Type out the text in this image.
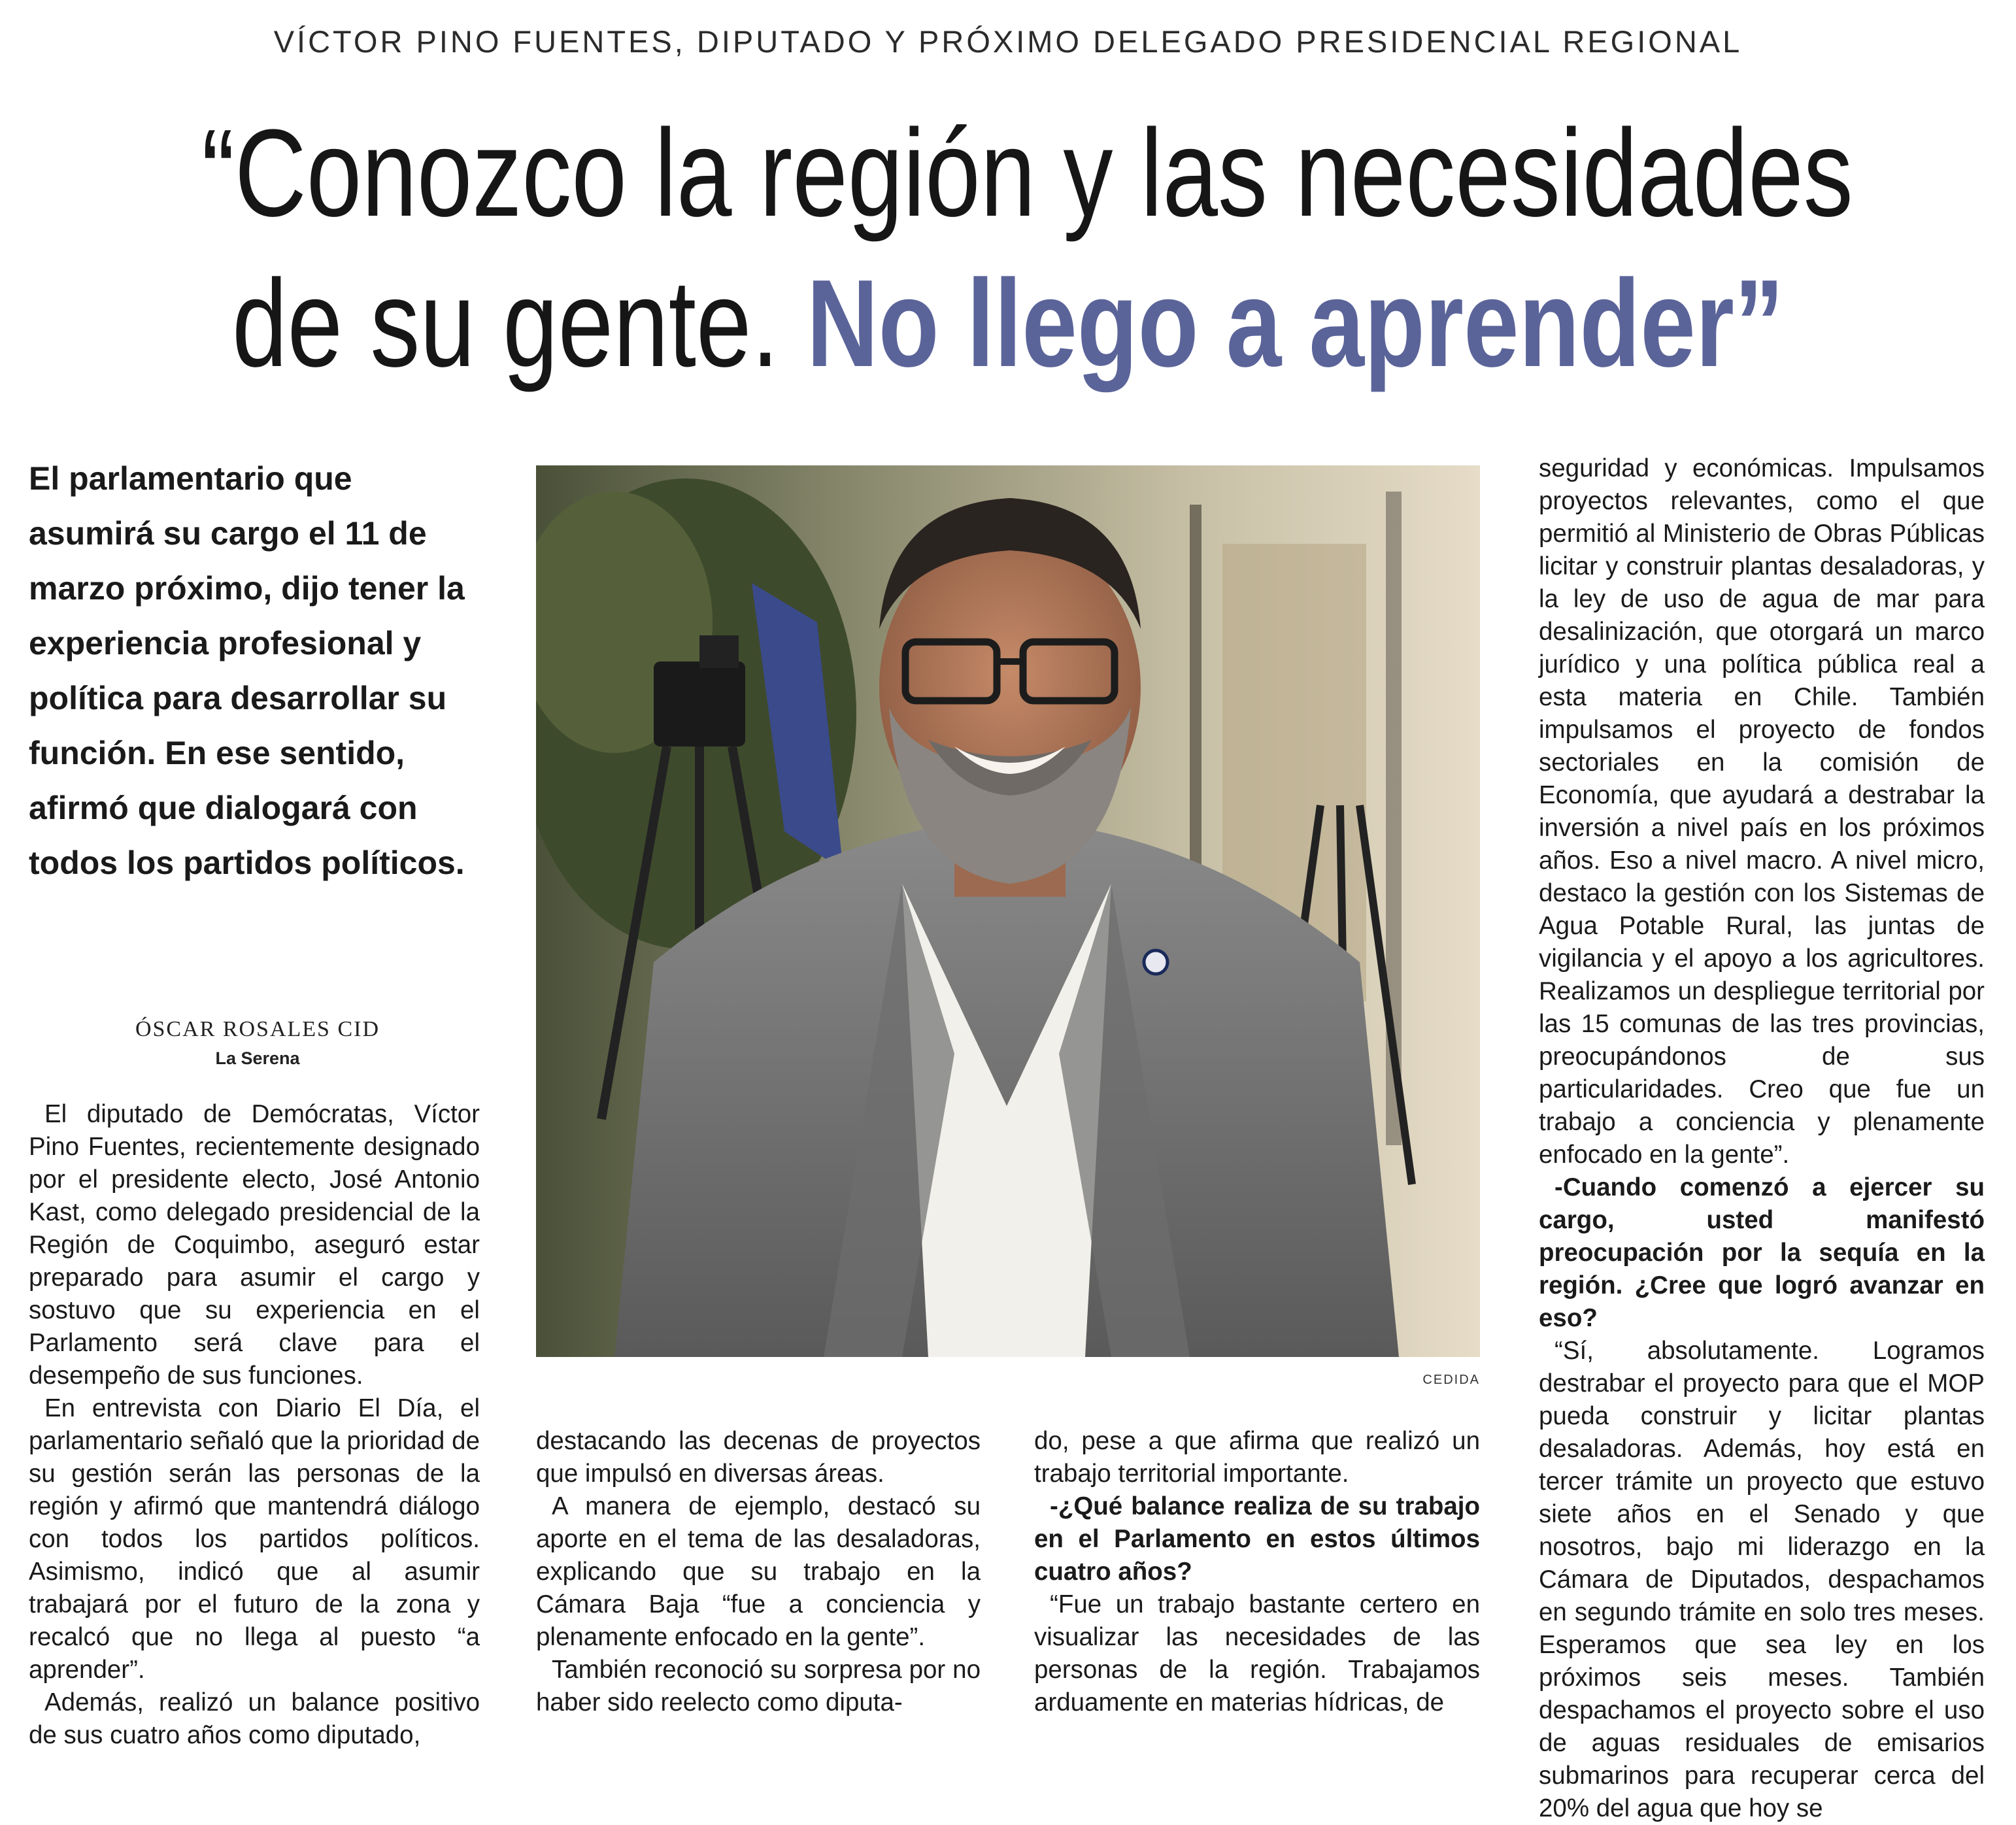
VÍCTOR PINO FUENTES, DIPUTADO Y PRÓXIMO DELEGADO PRESIDENCIAL REGIONAL
“Conozco la región y las necesidades
de su gente. No llego a aprender”
El parlamentario que asumirá su cargo el 11 de marzo próximo, dijo tener la experiencia profesional y política para desarrollar su función. En ese sentido, afirmó que dialogará con todos los partidos políticos.
ÓSCAR ROSALES CID
La Serena

El diputado de Demócratas, Víctor Pino Fuentes, recientemente designado por el presidente electo, José Antonio Kast, como delegado presidencial de la Región de Coquimbo, aseguró estar preparado para asumir el cargo y sostuvo que su experiencia en el Parlamento será clave para el desempeño de sus funciones.

En entrevista con Diario El Día, el parlamentario señaló que la prioridad de su gestión serán las personas de la región y afirmó que mantendrá diálogo con todos los partidos políticos. Asimismo, indicó que al asumir trabajará por el futuro de la zona y recalcó que no llega al puesto “a aprender”.

Además, realizó un balance positivo de sus cuatro años como diputado,

CEDIDA

destacando las decenas de proyectos que impulsó en diversas áreas.

A manera de ejemplo, destacó su aporte en el tema de las desaladoras, explicando que su trabajo en la Cámara Baja “fue a conciencia y plenamente enfocado en la gente”.

También reconoció su sorpresa por no haber sido reelecto como diputa-

do, pese a que afirma que realizó un trabajo territorial importante.

-¿Qué balance realiza de su trabajo en el Parlamento en estos últimos cuatro años?

“Fue un trabajo bastante certero en visualizar las necesidades de las personas de la región. Trabajamos arduamente en materias hídricas, de

seguridad y económicas. Impulsamos proyectos relevantes, como el que permitió al Ministerio de Obras Públicas licitar y construir plantas desaladoras, y la ley de uso de agua de mar para desalinización, que otorgará un marco jurídico y una política pública real a esta materia en Chile. También impulsamos el proyecto de fondos sectoriales en la comisión de Economía, que ayudará a destrabar la inversión a nivel país en los próximos años. Eso a nivel macro. A nivel micro, destaco la gestión con los Sistemas de Agua Potable Rural, las juntas de vigilancia y el apoyo a los agricultores. Realizamos un despliegue territorial por las 15 comunas de las tres provincias, preocupándonos de sus particularidades. Creo que fue un trabajo a conciencia y plenamente enfocado en la gente”.

-Cuando comenzó a ejercer su cargo, usted manifestó preocupación por la sequía en la región. ¿Cree que logró avanzar en eso?

“Sí, absolutamente. Logramos destrabar el proyecto para que el MOP pueda construir y licitar plantas desaladoras. Además, hoy está en tercer trámite un proyecto que estuvo siete años en el Senado y que nosotros, bajo mi liderazgo en la Cámara de Diputados, despachamos en segundo trámite en solo tres meses. Esperamos que sea ley en los próximos seis meses. También despachamos el proyecto sobre el uso de aguas residuales de emisarios submarinos para recuperar cerca del 20% del agua que hoy se
